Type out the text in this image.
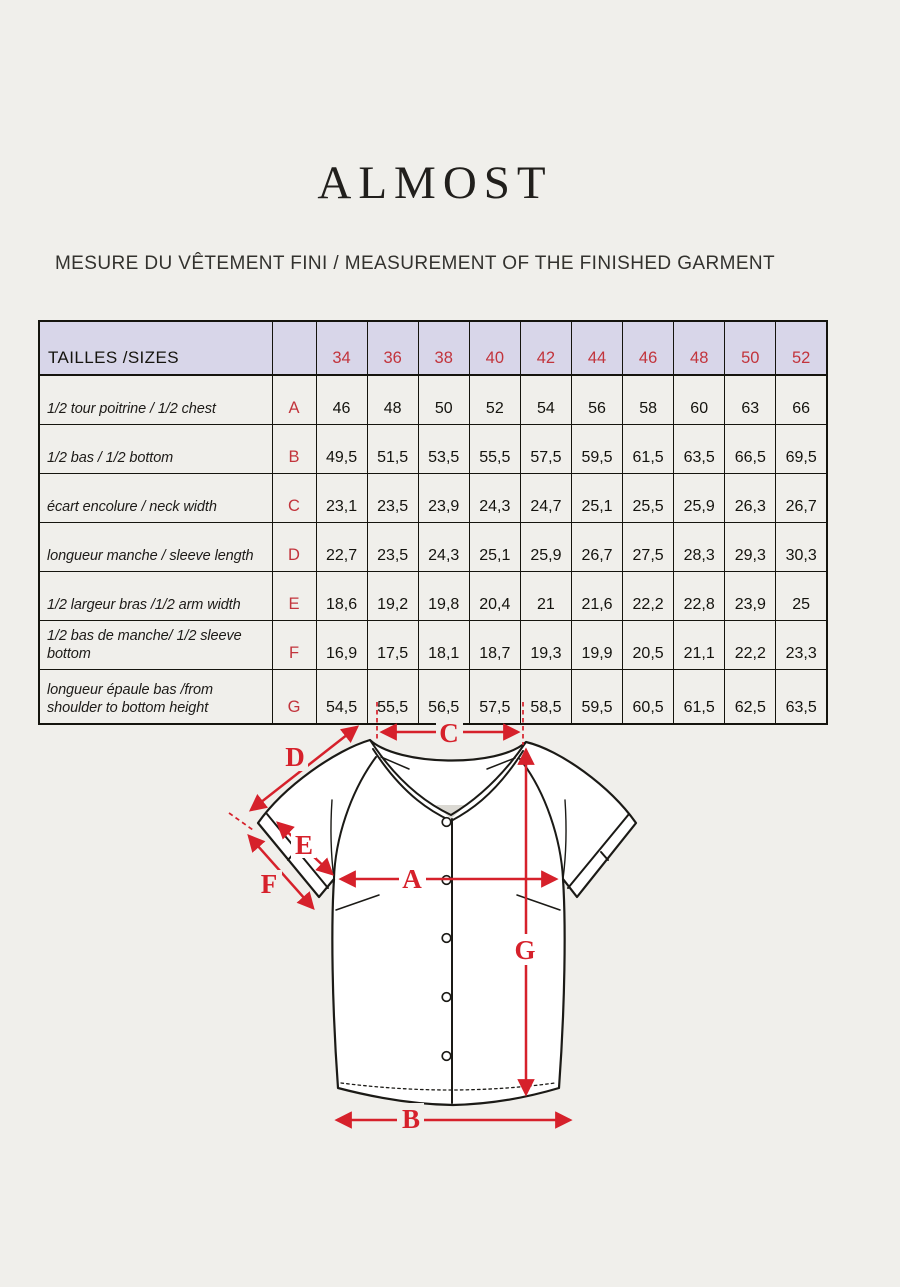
ALMOST

MESURE DU VÊTEMENT FINI / MEASUREMENT OF THE FINISHED GARMENT

TAILLES /SIZES		34	36	38	40	42	44	46	48	50	52
1/2 tour poitrine / 1/2 chest	A	46	48	50	52	54	56	58	60	63	66
1/2 bas / 1/2 bottom	B	49,5	51,5	53,5	55,5	57,5	59,5	61,5	63,5	66,5	69,5
écart encolure / neck width	C	23,1	23,5	23,9	24,3	24,7	25,1	25,5	25,9	26,3	26,7
longueur manche / sleeve length	D	22,7	23,5	24,3	25,1	25,9	26,7	27,5	28,3	29,3	30,3
1/2 largeur bras /1/2 arm width	E	18,6	19,2	19,8	20,4	21	21,6	22,2	22,8	23,9	25
1/2 bas de manche/ 1/2 sleeve bottom	F	16,9	17,5	18,1	18,7	19,3	19,9	20,5	21,1	22,2	23,3
longueur épaule bas /from shoulder to bottom height	G	54,5	55,5	56,5	57,5	58,5	59,5	60,5	61,5	62,5	63,5
C
D
E
F	A
G
B
